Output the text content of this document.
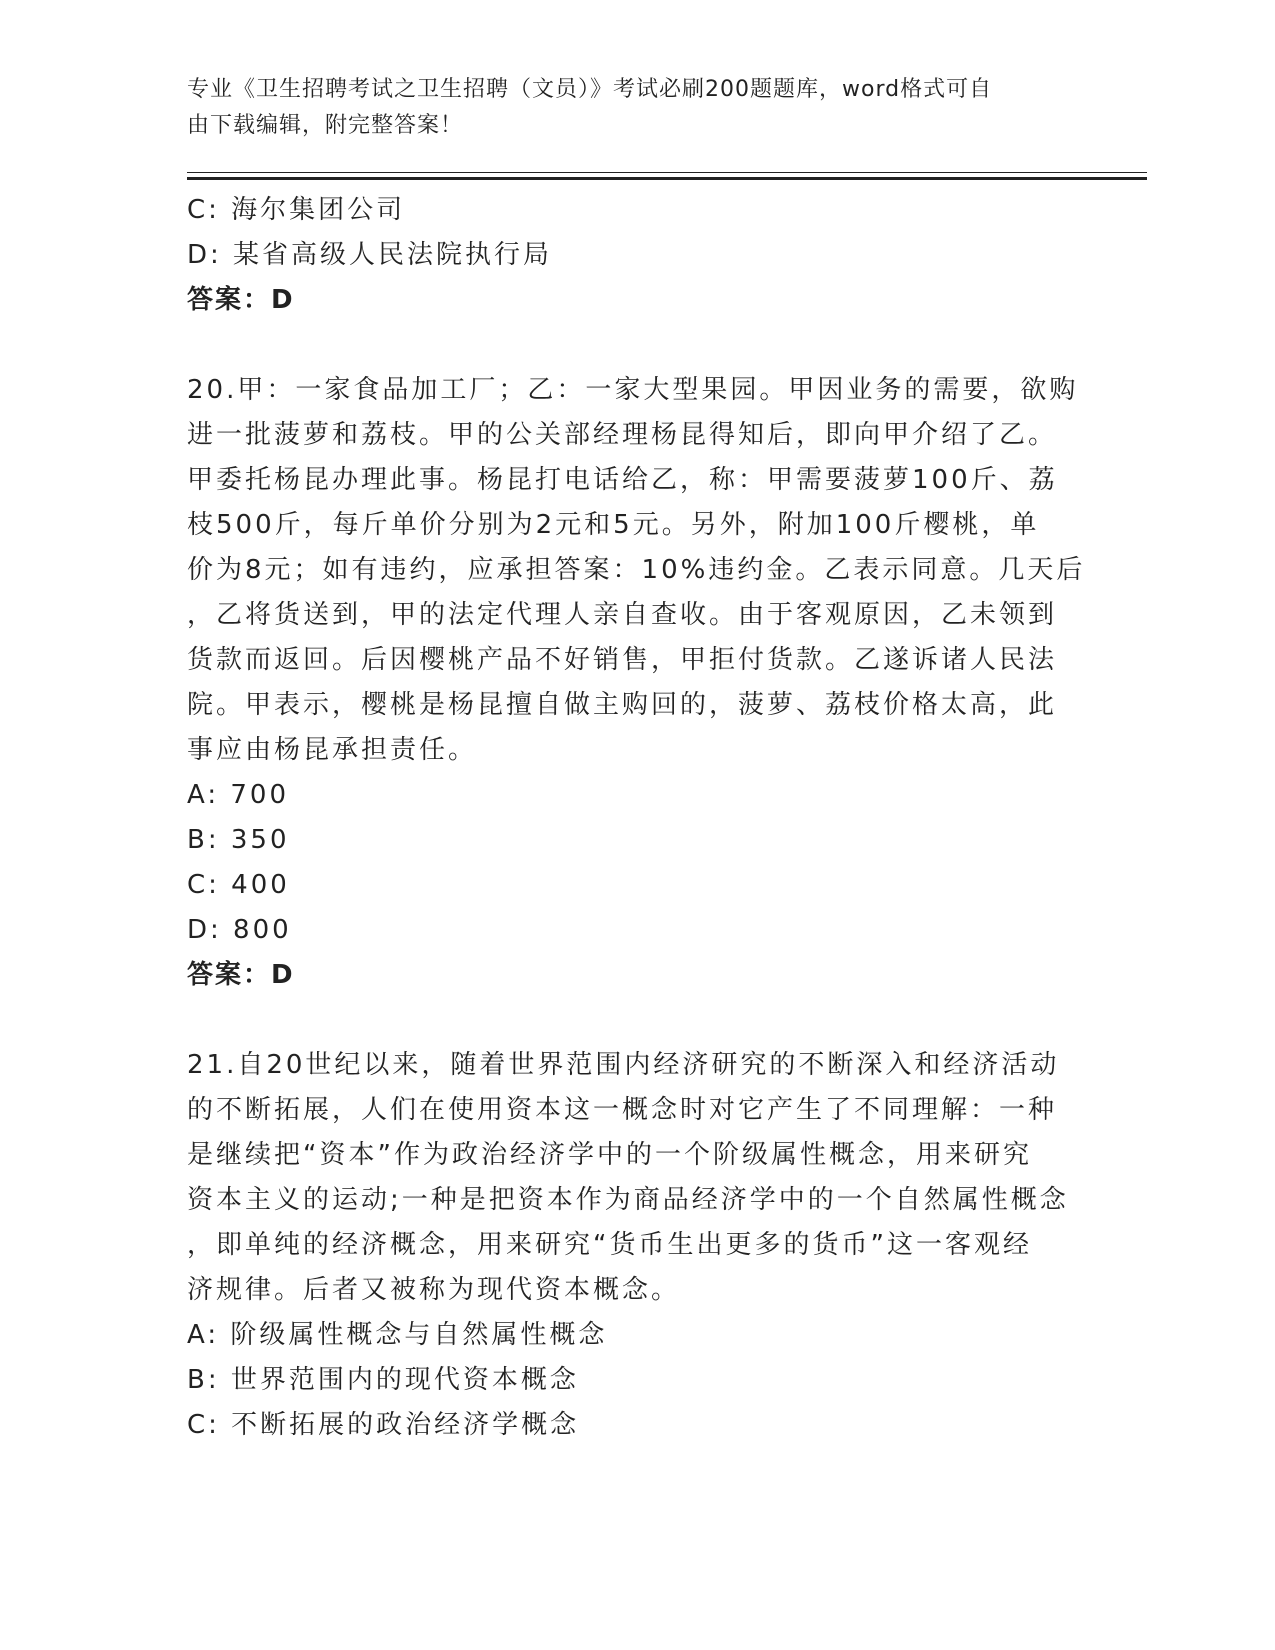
专业《卫生招聘考试之卫生招聘（文员）》考试必刷200题题库，word格式可自
由下载编辑，附完整答案！
C: 海尔集团公司
D: 某省高级人民法院执行局
答案：D
20.甲：一家食品加工厂；乙：一家大型果园。甲因业务的需要，欲购
进一批菠萝和荔枝。甲的公关部经理杨昆得知后，即向甲介绍了乙。
甲委托杨昆办理此事。杨昆打电话给乙，称：甲需要菠萝100斤、荔
枝500斤，每斤单价分别为2元和5元。另外，附加100斤樱桃，单
价为8元；如有违约，应承担答案：10%违约金。乙表示同意。几天后
，乙将货送到，甲的法定代理人亲自查收。由于客观原因，乙未领到
货款而返回。后因樱桃产品不好销售，甲拒付货款。乙遂诉诸人民法
院。甲表示，樱桃是杨昆擅自做主购回的，菠萝、荔枝价格太高，此
事应由杨昆承担责任。
A: 700
B: 350
C: 400
D: 800
答案：D
21.自20世纪以来，随着世界范围内经济研究的不断深入和经济活动
的不断拓展，人们在使用资本这一概念时对它产生了不同理解：一种
是继续把“资本”作为政治经济学中的一个阶级属性概念，用来研究
资本主义的运动;一种是把资本作为商品经济学中的一个自然属性概念
，即单纯的经济概念，用来研究“货币生出更多的货币”这一客观经
济规律。后者又被称为现代资本概念。
A: 阶级属性概念与自然属性概念
B: 世界范围内的现代资本概念
C: 不断拓展的政治经济学概念
